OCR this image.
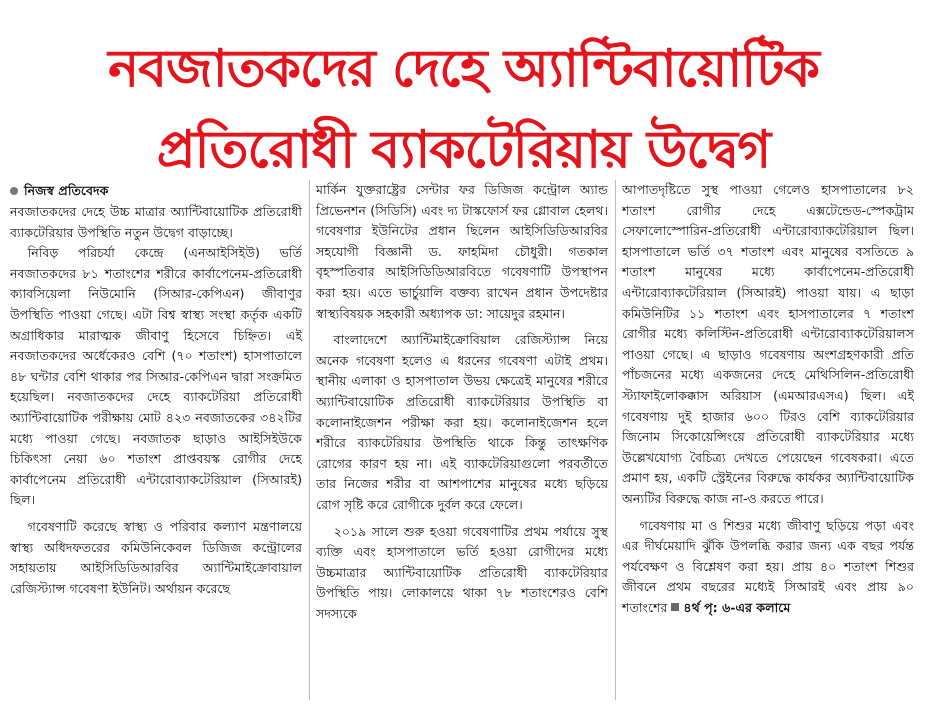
নবজাতকদের দেহে অ্যান্টিবায়োটিক
প্রতিরোধী ব্যাকটেরিয়ায় উদ্বেগ
নিজস্ব প্রতিবেদক

নবজাতকদের দেহে উচ্চ মাত্রার অ্যান্টিবায়োটিক প্রতিরোধী ব্যাকটেরিয়ার উপস্থিতি নতুন উদ্বেগ বাড়াচ্ছে।

নিবিড় পরিচর্যা কেন্দ্রে (এনআইসিইউ) ভর্তি নবজাতকদের ৮১ শতাংশের শরীরে কার্বাপেনেম-প্রতিরোধী ক্যাবসিয়েলা নিউমোনি (সিআর-কেপিএন) জীবাণুর উপস্থিতি পাওয়া গেছে। এটা বিশ্ব স্বাস্থ্য সংস্থা কর্তৃক একটি অগ্রাধিকার মারাত্মক জীবাণু হিসেবে চিহ্নিত। এই নবজাতকদের অর্ধেকেরও বেশি (৭০ শতাংশ) হাসপাতালে ৪৮ ঘন্টার বেশি থাকার পর সিআর-কেপিএন দ্বারা সংক্রমিত হয়েছিল। নবজাতকদের দেহে ব্যাকটেরিয়া প্রতিরোধী অ্যান্টিবায়োটিক পরীক্ষায় মোট ৪২৩ নবজাতকের ৩৪২টির মধ্যে পাওয়া গেছে। নবজাতক ছাড়াও আইসিইউকে চিকিৎসা নেয়া ৬০ শতাংশ প্রাপ্তবয়স্ক রোগীর দেহে কার্বাপেনেম প্রতিরোধী এন্টারোব্যাকটেরিয়াল (সিআরই) ছিল।

গবেষণাটি করেছে স্বাস্থ্য ও পরিবার কল্যাণ মন্ত্রণালয়ে স্বাস্থ্য অধিদফতরের কমিউনিকেবল ডিজিজ কন্ট্রোলের সহায়তায় আইসিডিডিআরবির অ্যান্টিমাইক্রোবায়াল রেজিস্ট্যান্স গবেষণা ইউনিট। অর্থায়ন করেছে

মার্কিন যুক্তরাষ্ট্রের সেন্টার ফর ডিজিজ কন্ট্রোল অ্যান্ড প্রিভেনশন (সিডিসি) এবং দ্য টাস্কফোর্স ফর গ্লোবাল হেলথ। গবেষণার ইউনিটের প্রধান ছিলেন আইসিডিডিআরবির সহযোগী বিজ্ঞানী ড. ফাহমিদা চৌধুরী। গতকাল বৃহস্পতিবার আইসিডিডিআরবিতে গবেষণাটি উপস্থাপন করা হয়। এতে ভার্চুয়ালি বক্তব্য রাখেন প্রধান উপদেষ্টার স্বাস্থ্যবিষয়ক সহকারী অধ্যাপক ডা: সায়েদুর রহমান।

বাংলাদেশে অ্যান্টিমাইক্রোবিয়াল রেজিস্ট্যান্স নিয়ে অনেক গবেষণা হলেও এ ধরনের গবেষণা এটাই প্রথম। স্থানীয় এলাকা ও হাসপাতাল উভয় ক্ষেত্রেই মানুষের শরীরে অ্যান্টিবায়োটিক প্রতিরোধী ব্যাকটেরিয়ার উপস্থিতি বা কলোনাইজেশন পরীক্ষা করা হয়। কলোনাইজেশন হলে শরীরে ব্যাকটেরিয়ার উপস্থিতি থাকে কিন্তু তাৎক্ষণিক রোগের কারণ হয় না। এই ব্যাকটেরিয়াগুলো পরবর্তীতে তার নিজের শরীর বা আশপাশের মানুষের মধ্যে ছড়িয়ে রোগ সৃষ্টি করে রোগীকে দুর্বল করে ফেলে।

২০১৯ সালে শুরু হওয়া গবেষণাটির প্রথম পর্যায়ে সুস্থ ব্যক্তি এবং হাসপাতালে ভর্তি হওয়া রোগীদের মধ্যে উচ্চমাত্রার অ্যান্টিবায়োটিক প্রতিরোধী ব্যাকটেরিয়ার উপস্থিতি পায়। লোকালয়ে থাকা ৭৮ শতাংশেরও বেশি সদস্যকে

আপাতদৃষ্টিতে সুস্থ পাওয়া গেলেও হাসপাতালের ৮২ শতাংশ রোগীর দেহে এক্সটেন্ডেড-স্পেকট্রাম সেফালোস্পোরিন-প্রতিরোধী এন্টারোব্যাকটেরিয়াল ছিল। হাসপাতালে ভর্তি ৩৭ শতাংশ এবং মানুষের বসতিতে ৯ শতাংশ মানুষের মধ্যে কার্বাপেনেম-প্রতিরোধী এন্টারোব্যাকটেরিয়াল (সিআরই) পাওয়া যায়। এ ছাড়া কমিউনিটির ১১ শতাংশ এবং হাসপাতালের ৭ শতাংশ রোগীর মধ্যে কলিস্টিন-প্রতিরোধী এন্টারোব্যাকটেরিয়ালস পাওয়া গেছে। এ ছাড়াও গবেষণায় অংশগ্রহণকারী প্রতি পাঁচজনের মধ্যে একজনের দেহে মেথিসিলিন-প্রতিরোধী স্ট্যাফাইলোকক্কাস অরিয়াস (এমআরএসএ) ছিল। এই গবেষণায় দুই হাজার ৬০০ টিরও বেশি ব্যাকটেরিয়ার জিনোম সিকোয়েন্সিংয়ে প্রতিরোধী ব্যাকটেরিয়ার মধ্যে উল্লেখযোগ্য বৈচিত্র্য দেখতে পেয়েছেন গবেষকরা। এতে প্রমাণ হয়, একটি স্ট্রেইনের বিরুদ্ধে কার্যকর অ্যান্টিবায়োটিক অন্যটির বিরুদ্ধে কাজ না-ও করতে পারে।

গবেষণায় মা ও শিশুর মধ্যে জীবাণু ছড়িয়ে পড়া এবং এর দীর্ঘমেয়াদি ঝুঁকি উপলব্ধি করার জন্য এক বছর পর্যন্ত পর্যবেক্ষণ ও বিশ্লেষণ করা হয়। প্রায় ৪০ শতাংশ শিশুর জীবনে প্রথম বছরের মধ্যেই সিআরই এবং প্রায় ৯০ শতাংশের ৪র্থ পৃ: ৬-এর কলামে
